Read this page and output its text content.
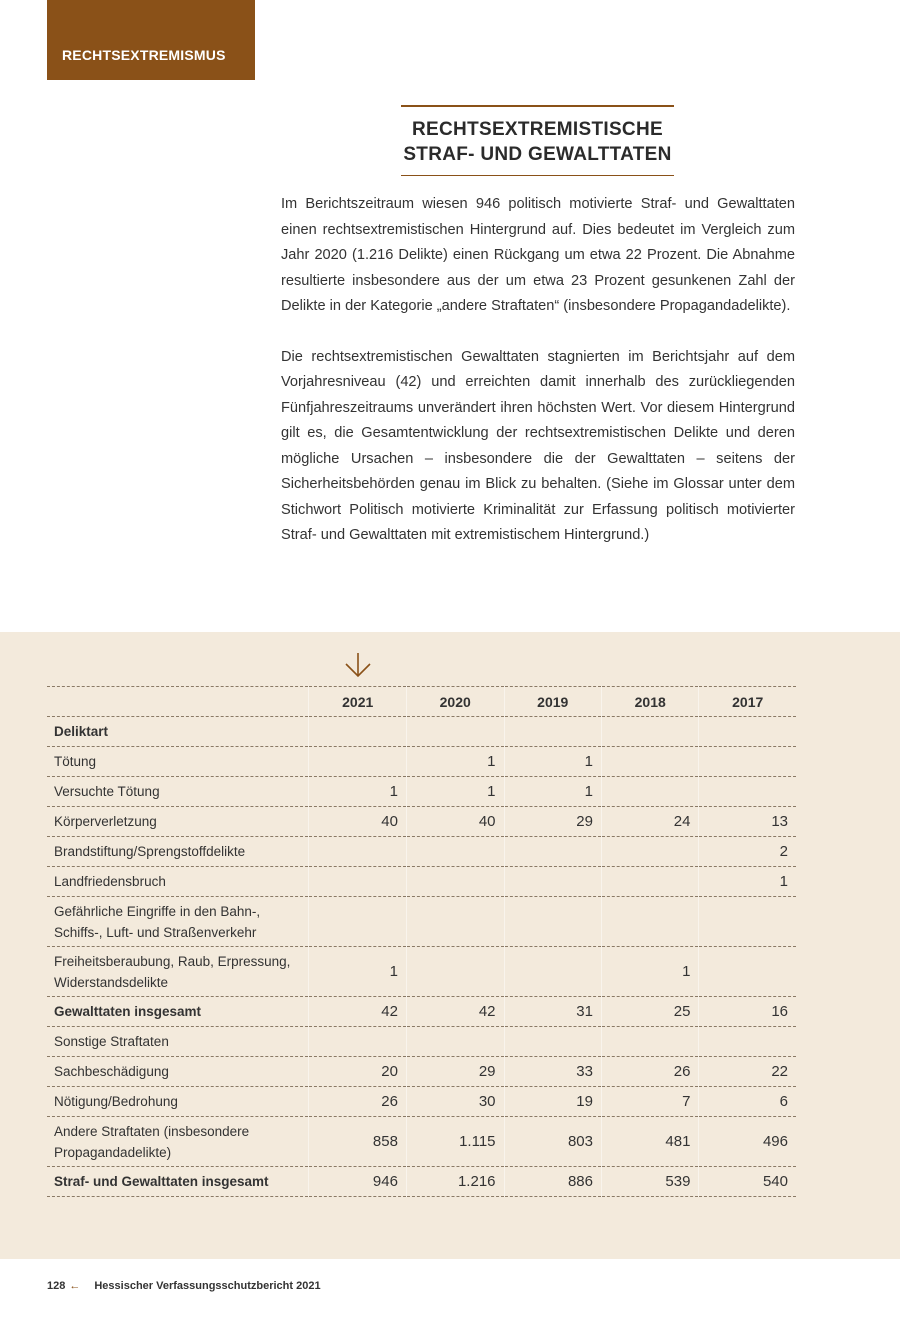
RECHTSEXTREMISMUS
RECHTSEXTREMISTISCHE
STRAF- UND GEWALTTATEN

Im Berichtszeitraum wiesen 946 politisch motivierte Straf- und Gewalttaten einen rechtsextremistischen Hintergrund auf. Dies bedeutet im Vergleich zum Jahr 2020 (1.216 Delikte) einen Rückgang um etwa 22 Prozent. Die Abnahme resultierte insbesondere aus der um etwa 23 Prozent gesunkenen Zahl der Delikte in der Kategorie „andere Straftaten“ (insbesondere Propagandadelikte).

Die rechtsextremistischen Gewalttaten stagnierten im Berichtsjahr auf dem Vorjahresniveau (42) und erreichten damit innerhalb des zurückliegenden Fünfjahreszeitraums unverändert ihren höchsten Wert. Vor diesem Hintergrund gilt es, die Gesamtentwicklung der rechtsextremistischen Delikte und deren mögliche Ursachen – insbesondere die der Gewalttaten – seitens der Sicherheitsbehörden genau im Blick zu behalten. (Siehe im Glossar unter dem Stichwort Politisch motivierte Kriminalität zur Erfassung politisch motivierter Straf- und Gewalttaten mit extremistischem Hintergrund.)

	2021	2020	2019	2018	2017
Deliktart					
Tötung		1	1		
Versuchte Tötung	1	1	1		
Körperverletzung	40	40	29	24	13
Brandstiftung/Sprengstoffdelikte					2
Landfriedensbruch					1
Gefährliche Eingriffe in den Bahn-, Schiffs-, Luft- und Straßenverkehr					
Freiheitsberaubung, Raub, Erpressung, Widerstandsdelikte	1			1	
Gewalttaten insgesamt	42	42	31	25	16
Sonstige Straftaten					
Sachbeschädigung	20	29	33	26	22
Nötigung/Bedrohung	26	30	19	7	6
Andere Straftaten (insbesondere Propagandadelikte)	858	1.115	803	481	496
Straf- und Gewalttaten insgesamt	946	1.216	886	539	540
128 ← Hessischer Verfassungsschutzbericht 2021
